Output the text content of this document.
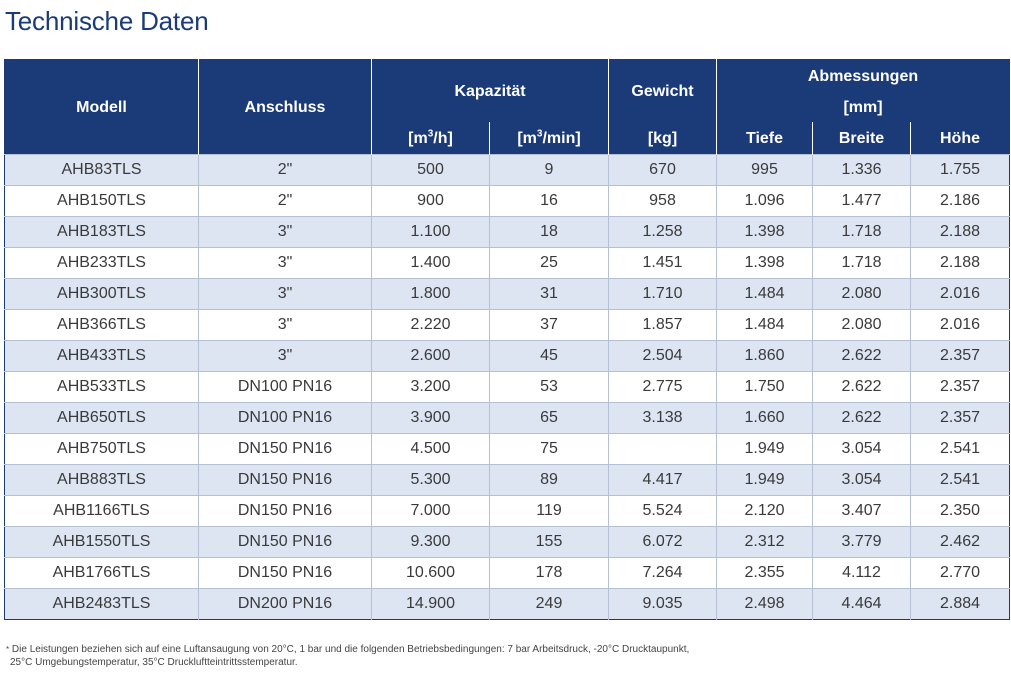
Technische Daten
Modell	Anschluss	Kapazität		Gewicht	Abmessungen
[mm]		

		$[m^3/h]$	$[m^3/\min]$	[kg]	Tiefe	Breite	Höhe
AHB83TLS	2"	500	9	670	995	1.336	1.755
AHB150TLS	2"	900	16	958	1.096	1.477	2.186
AHB183TLS	3"	1.100	18	1.258	1.398	1.718	2.188
AHB233TLS	3"	1.400	25	1.451	1.398	1.718	2.188
AHB300TLS	3"	1.800	31	1.710	1.484	2.080	2.016
AHB366TLS	3"	2.220	37	1.857	1.484	2.080	2.016
AHB433TLS	3"	2.600	45	2.504	1.860	2.622	2.357
AHB533TLS	DN100 PN16	3.200	53	2.775	1.750	2.622	2.357
AHB650TLS	DN100 PN16	3.900	65	3.138	1.660	2.622	2.357
AHB750TLS	DN150 PN16	4.500	75		1.949	3.054	2.541
AHB883TLS	DN150 PN16	5.300	89	4.417	1.949	3.054	2.541
AHB1166TLS	DN150 PN16	7.000	119	5.524	2.120	3.407	2.350
AHB1550TLS	DN150 PN16	9.300	155	6.072	2.312	3.779	2.462
AHB1766TLS	DN150 PN16	10.600	178	7.264	2.355	4.112	2.770
AHB2483TLS	DN200 PN16	14.900	249	9.035	2.498	4.464	2.884
* Die Leistungen beziehen sich auf eine Luftansaugung von 20°C, 1 bar und die folgenden Betriebsbedingungen: 7 bar Arbeitsdruck, -20°C Drucktaupunkt,
25°C Umgebungstemperatur, 35°C Druckluftteintrittsstemperatur.
